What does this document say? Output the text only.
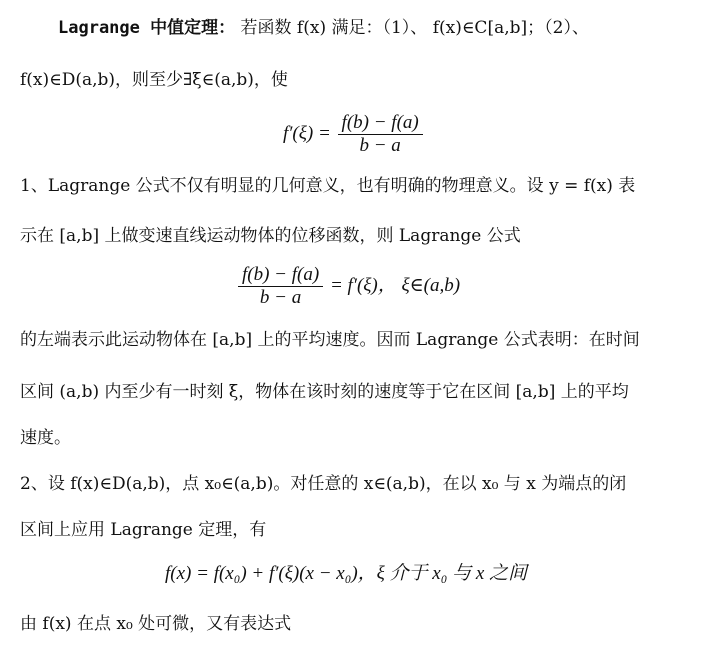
Lagrange 中值定理： 若函数 f(x) 满足：（1）、 f(x)∈C[a,b]；（2）、
f(x)∈D(a,b)，则至少∃ξ∈(a,b)，使
$f'(\xi) = \frac{f(b) - f(a)}{b - a}$
1、Lagrange 公式不仅有明显的几何意义，也有明确的物理意义。设 y = f(x) 表
示在 [a,b] 上做变速直线运动物体的位移函数，则 Lagrange 公式
$\frac{f(b) - f(a)}{b - a} = f'(\xi)$， ξ∈(a,b)
的左端表示此运动物体在 [a,b] 上的平均速度。因而 Lagrange 公式表明：在时间
区间 (a,b) 内至少有一时刻 ξ，物体在该时刻的速度等于它在区间 [a,b] 上的平均
速度。
2、设 f(x)∈D(a,b)，点 x₀∈(a,b)。对任意的 x∈(a,b)，在以 x₀ 与 x 为端点的闭
区间上应用 Lagrange 定理，有
f(x) = f(x₀) + f′(ξ)(x − x₀)，ξ 介于 x₀ 与 x 之间
由 f(x) 在点 x₀ 处可微，又有表达式
